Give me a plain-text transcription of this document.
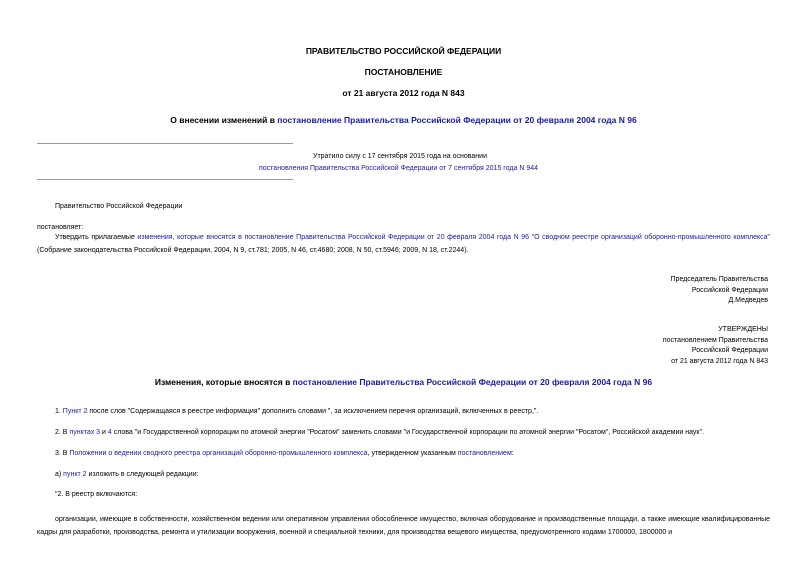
ПРАВИТЕЛЬСТВО РОССИЙСКОЙ ФЕДЕРАЦИИ
ПОСТАНОВЛЕНИЕ
от 21 августа 2012 года N 843
О внесении изменений в постановление Правительства Российской Федерации от 20 февраля 2004 года N 96
Утратило силу с 17 сентября 2015 года на основании
постановления Правительства Российской Федерации от 7 сентября 2015 года N 944
Правительство Российской Федерации
постановляет:
Утвердить прилагаемые изменения, которые вносятся в постановление Правительства Российской Федерации от 20 февраля 2004 года N 96 "О сводном реестре организаций оборонно-промышленного комплекса" (Собрание законодательства Российской Федерации, 2004, N 9, ст.781; 2005, N 46, ст.4680; 2008, N 50, ст.5946; 2009, N 18, ст.2244).
Председатель Правительства
Российской Федерации
Д.Медведев
УТВЕРЖДЕНЫ
постановлением Правительства
Российской Федерации
от 21 августа 2012 года N 843
Изменения, которые вносятся в постановление Правительства Российской Федерации от 20 февраля 2004 года N 96
1. Пункт 2 после слов "Содержащаяся в реестре информация" дополнить словами ", за исключением перечня организаций, включенных в реестр,".
2. В пунктах 3 и 4 слова "и Государственной корпорации по атомной энергии "Росатом" заменить словами "и Государственной корпорации по атомной энергии "Росатом", Российской академии наук".
3. В Положении о ведении сводного реестра организаций оборонно-промышленного комплекса, утвержденном указанным постановлением:
а) пункт 2 изложить в следующей редакции:
"2. В реестр включаются:
организации, имеющие в собственности, хозяйственном ведении или оперативном управлении обособленное имущество, включая оборудование и производственные площади, а также имеющие квалифицированные кадры для разработки, производства, ремонта и утилизации вооружения, военной и специальной техники, для производства вещевого имущества, предусмотренного кодами 1700000, 1800000 и
